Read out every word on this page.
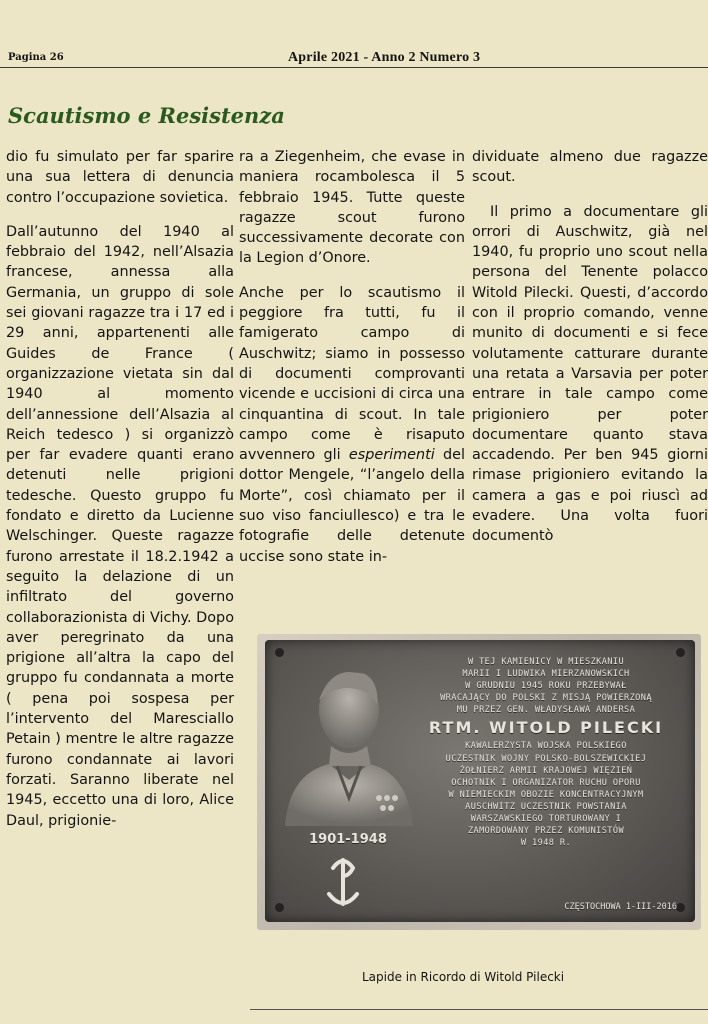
Pagina 26	Aprile 2021 - Anno 2 Numero 3
Scautismo e Resistenza

dio fu simulato per far sparire una sua lettera di denuncia contro l’occupazione sovietica.

Dall’autunno del 1940 al febbraio del 1942, nell’Alsazia francese, annessa alla Germania, un gruppo di sole sei giovani ragazze tra i 17 ed i 29 anni, appartenenti alle Guides de France ( organizzazione vietata sin dal 1940 al momento dell’annessione dell’Alsazia al Reich tedesco ) si organizzò per far evadere quanti erano detenuti nelle prigioni tedesche. Questo gruppo fu fondato e diretto da Lucienne Welschinger. Queste ragazze furono arrestate il 18.2.1942 a seguito la delazione di un infiltrato del governo collaborazionista di Vichy. Dopo aver peregrinato da una prigione all’altra la capo del gruppo fu condannata a morte ( pena poi sospesa per l’intervento del Maresciallo Petain ) mentre le altre ragazze furono condannate ai lavori forzati. Saranno liberate nel 1945, eccetto una di loro, Alice Daul, prigionie-

ra a Ziegenheim, che evase in maniera rocambolesca il 5 febbraio 1945. Tutte queste ragazze scout furono successivamente decorate con la Legion d’Onore.

Anche per lo scautismo il peggiore fra tutti, fu il famigerato campo di Auschwitz; siamo in possesso di documenti comprovanti vicende e uccisioni di circa una cinquantina di scout. In tale campo come è risaputo avvennero gli esperimenti del dottor Mengele, “l’angelo della Morte”, così chiamato per il suo viso fanciullesco) e tra le fotografie delle detenute uccise sono state in-

dividuate almeno due ragazze scout.

Il primo a documentare gli orrori di Auschwitz, già nel 1940, fu proprio uno scout nella persona del Tenente polacco Witold Pilecki. Questi, d’accordo con il proprio comando, venne munito di documenti e si fece volutamente catturare durante una retata a Varsavia per poter entrare in tale campo come prigioniero per poter documentare quanto stava accadendo. Per ben 945 giorni rimase prigioniero evitando la camera a gas e poi riuscì ad evadere. Una volta fuori documentò

1901-1948
W TEJ KAMIENICY W MIESZKANIU
MARII I LUDWIKA MIERZANOWSKICH
W GRUDNIU 1945 ROKU PRZEBYWAŁ
WRACAJĄCY DO POLSKI Z MISJĄ POWIERZONĄ
MU PRZEZ GEN. WŁADYSŁAWA ANDERSA
RTM. WITOLD PILECKI
KAWALERZYSTA WOJSKA POLSKIEGO
UCZESTNIK WOJNY POLSKO-BOLSZEWICKIEJ
ŻOŁNIERZ ARMII KRAJOWEJ WIĘZIEŃ
OCHOTNIK I ORGANIZATOR RUCHU OPORU
W NIEMIECKIM OBOZIE KONCENTRACYJNYM
AUSCHWITZ UCZESTNIK POWSTANIA
WARSZAWSKIEGO TORTUROWANY I
ZAMORDOWANY PRZEZ KOMUNISTÓW
W 1948 R.
CZĘSTOCHOWA 1-III-2016
Lapide in Ricordo di Witold Pilecki
